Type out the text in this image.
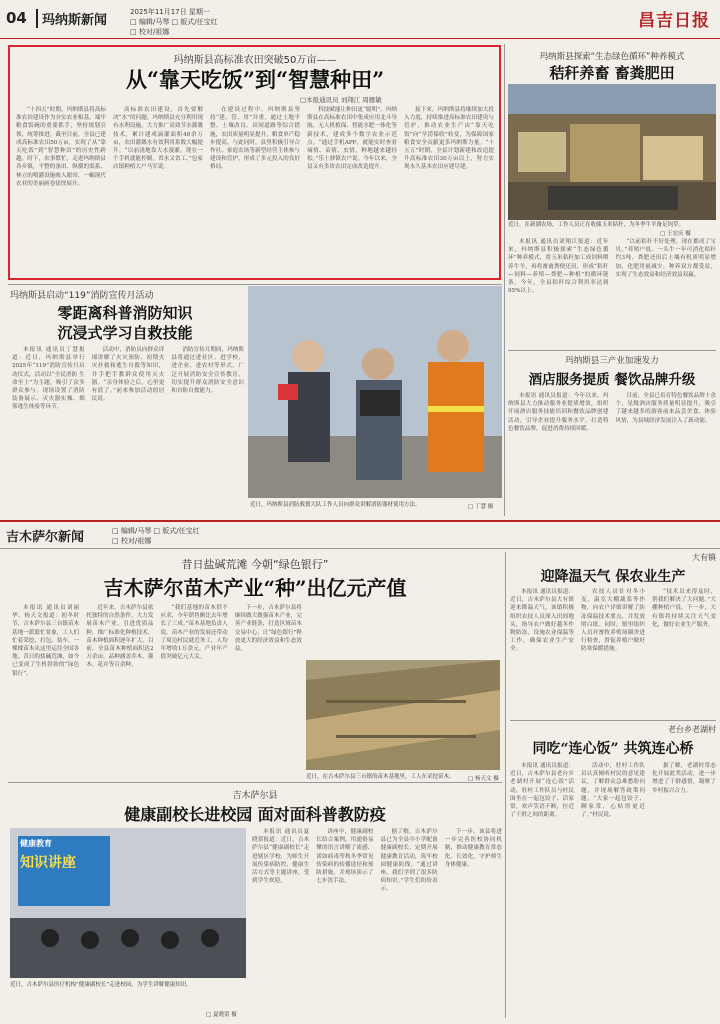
04	玛纳斯新闻
2025年11月17日 星期一
□ 编辑/马琴 □ 版式/任宝红
□ 校对/祖娜
昌吉日报
玛纳斯县高标准农田突破50万亩——
从“靠天吃饭”到“智慧种田”
□本报通讯员 刘翔江 周雁敏

“十四五”时期，玛纳斯县将高标准农田建设作为夯实农业根基、端牢粮食饭碗的重要抓手，坚持规划引领、统筹推进，截至目前，全县已建成高标准农田50万亩，实现了从“靠天吃饭”到“智慧种田”的历史性跨越。时下，农事繁忙，走进玛纳斯县各乡镇，平整的条田、纵横的渠系、林立的喷灌设施映入眼帘，一幅现代农业的美丽画卷徐徐展开。

高标准农田建设，首先要解决“水”的问题。玛纳斯县充分利用现有水利设施，大力推广高效节水灌溉技术，累计建成滴灌面积40余万亩，农田灌溉水有效利用系数大幅提升。“以前浇地靠大水漫灌，现在一个手机就能控制，省水又省工。”包家店镇种植大户马军说。

在建设过程中，玛纳斯县坚持“建、管、用”并重，通过土地平整、土壤改良、田间道路等综合措施，农田质量明显提升，粮食单产稳步提高。与此同时，县里积极引导合作社、家庭农场等新型经营主体参与建设和管护，形成了多元投入的良好格局。

科技赋能让种田更“聪明”。玛纳斯县在高标准农田中集成应用北斗导航、无人机植保、智能水肥一体化等新技术，建成多个数字农业示范点。“通过手机APP，就能实时查看墒情、苗情、虫情，种地越来越轻松。”乐土驿镇农户说。今年以来，全县又有多块农田完成改造提升。

接下来，玛纳斯县将继续加大投入力度，持续推进高标准农田建设与管护，推动农业生产由“靠天吃饭”向“旱涝保收”转变，为保障国家粮食安全贡献更多玛纳斯力量。“十五五”时期，全县计划新建和改造提升高标准农田30万亩以上，努力实现永久基本农田应建尽建。

玛纳斯县探索“生态绿色循环”种养模式
秸秆养畜 畜粪肥田
近日，在新湖农场，工作人员正在收储玉米秸秆，为冬季牛羊备足饲草。
□ 王宏庆 摄

本报讯 通讯员刘翔江报道：近年来，玛纳斯县积极探索“生态绿色循环”种养模式，将玉米秸秆加工成饲料喂养牛羊，再将畜禽粪便还田，形成“秸秆—饲料—养殖—粪肥—种植”的循环链条。今年，全县秸秆综合利用率达到95%以上。

“以前秸秆不好处理，现在都成了宝贝。”养殖户说。一头牛一年可消化秸秆约3吨，粪肥还田后土壤有机质明显增加，化肥用量减少，种养双方都受益，实现了生态效益和经济效益双赢。

玛纳斯县启动“119”消防宣传月活动
零距离科普消防知识
沉浸式学习自救技能

本报讯 通讯员丁慧报道：近日，玛纳斯县举行2025年“119”消防宣传月启动仪式，活动以“全民消防 生命至上”为主题，吸引了众多群众参与。现场设置了消防装备展示、灭火器实操、烟雾逃生体验等环节。

活动中，消防员向群众详细讲解了火灾预防、初期火灾扑救和逃生自救等知识，并手把手教群众使用灭火器。“亲身体验之后，心里更有底了。”前来参加活动的居民说。

消防宣传月期间，玛纳斯县将通过进社区、进学校、进企业、进农村等形式，广泛开展消防安全宣传教育，切实提升群众消防安全意识和自防自救能力。

近日，玛纳斯县消防救援大队工作人员向群众讲解消防器材使用方法。	□ 丁慧 摄
玛纳斯县三产业加速发力
酒店服务提质 餐饮品牌升级

本报讯 通讯员报道：今年以来，玛纳斯县大力推动服务业提质增效，组织开展酒店服务技能培训和餐饮品牌创建活动，引导企业提升服务水平，打造特色餐饮品牌，促进消费持续回暖。

目前，全县已培育特色餐饮品牌十余个，星级酒店服务质量明显提升，吸引了越来越多的游客前来品尝美食、体验风情，为县域经济发展注入了新动能。

吉木萨尔新闻	□ 编辑/马琴 □ 版式/任宝红
□ 校对/祖娜
昔日盐碱荒滩 今朝“绿色银行”
吉木萨尔苗木产业“种”出亿元产值

本报讯 通讯员刘丽华、杨天文报道：初冬时节，吉木萨尔县三台镇苗木基地一派繁忙景象，工人们忙着采挖、打包、装车，一棵棵苗木从这里运往全国各地。昔日的盐碱荒滩，如今已变成了生机勃勃的“绿色银行”。

近年来，吉木萨尔县依托独特的自然条件，大力发展苗木产业，引进优质品种，推广标准化种植技术，苗木种植面积逐年扩大。目前，全县苗木种植面积达2万余亩，品种涵盖乔木、灌木、花卉等百余种。

“我们基地的苗木供不应求，今年销售额比去年增长了三成。”苗木基地负责人说。苗木产业的发展还带动了周边村民就近务工，人均年增收1万余元，产业年产值突破亿元大关。

下一步，吉木萨尔县将继续做大做强苗木产业，完善产业链条，打造区域苗木交易中心，让“绿色银行”释放更大的经济效益和生态效益。

近日，在吉木萨尔县三台镇的苗木基地里，工人在采挖苗木。	□ 杨天文 摄
大有镇
迎降温天气 保农业生产

本报讯 通讯员报道：近日，吉木萨尔县大有镇迎来降温天气，该镇积极组织农技人员深入田间地头，指导农户做好越冬作物防冻、设施农业保温等工作，确保农业生产安全。

农技人员针对冬小麦、温室大棚蔬菜等作物，向农户详细讲解了防冻保温技术要点，并发放明白纸。同时，镇里组织人员对畜牧养殖场圈舍进行检查，督促养殖户做好防寒保暖措施。

“技术员来得及时，帮我们解决了大问题。”大棚种植户说。下一步，大有镇将持续关注天气变化，做好农业生产服务。

吉木萨尔县
健康副校长进校园 面对面科普教防疫
健康教育
知识讲座
近日，吉木萨尔县医疗机构“健康副校长”走进校园，为学生讲解健康知识。
□ 夏晓蕾 摄

本报讯 通讯员夏晓蕾报道：近日，吉木萨尔县“健康副校长”走进辖区学校，为师生开展传染病防控、健康生活方式等主题讲座，受到学生欢迎。

讲座中，健康副校长结合案例，用通俗易懂的语言讲解了流感、诺如病毒等秋冬季常见传染病的传播途径和预防措施，并现场演示了七步洗手法。

据了解，吉木萨尔县已为全县中小学配备健康副校长，定期开展健康教育活动，筑牢校园健康防线。“通过讲座，我们学到了很多防病知识。”学生们纷纷表示。

下一步，该县将进一步完善医校协同机制，推动健康教育常态化、长效化，守护师生身体健康。

老台乡老湖村
同吃“连心饭” 共筑连心桥

本报讯 通讯员报道：近日，吉木萨尔县老台乡老湖村开展“连心饭”活动，驻村工作队员与村民围坐在一起包饺子、话家常，欢声笑语不断，拉近了干群之间的距离。

活动中，驻村工作队员认真倾听村民的意见建议，了解群众急难愁盼问题，并现场解答政策问题。“大家一起包饺子、聊家常，心贴得更近了。”村民说。

据了解，老湖村常态化开展此类活动，进一步增进了干群感情，凝聚了乡村振兴合力。
